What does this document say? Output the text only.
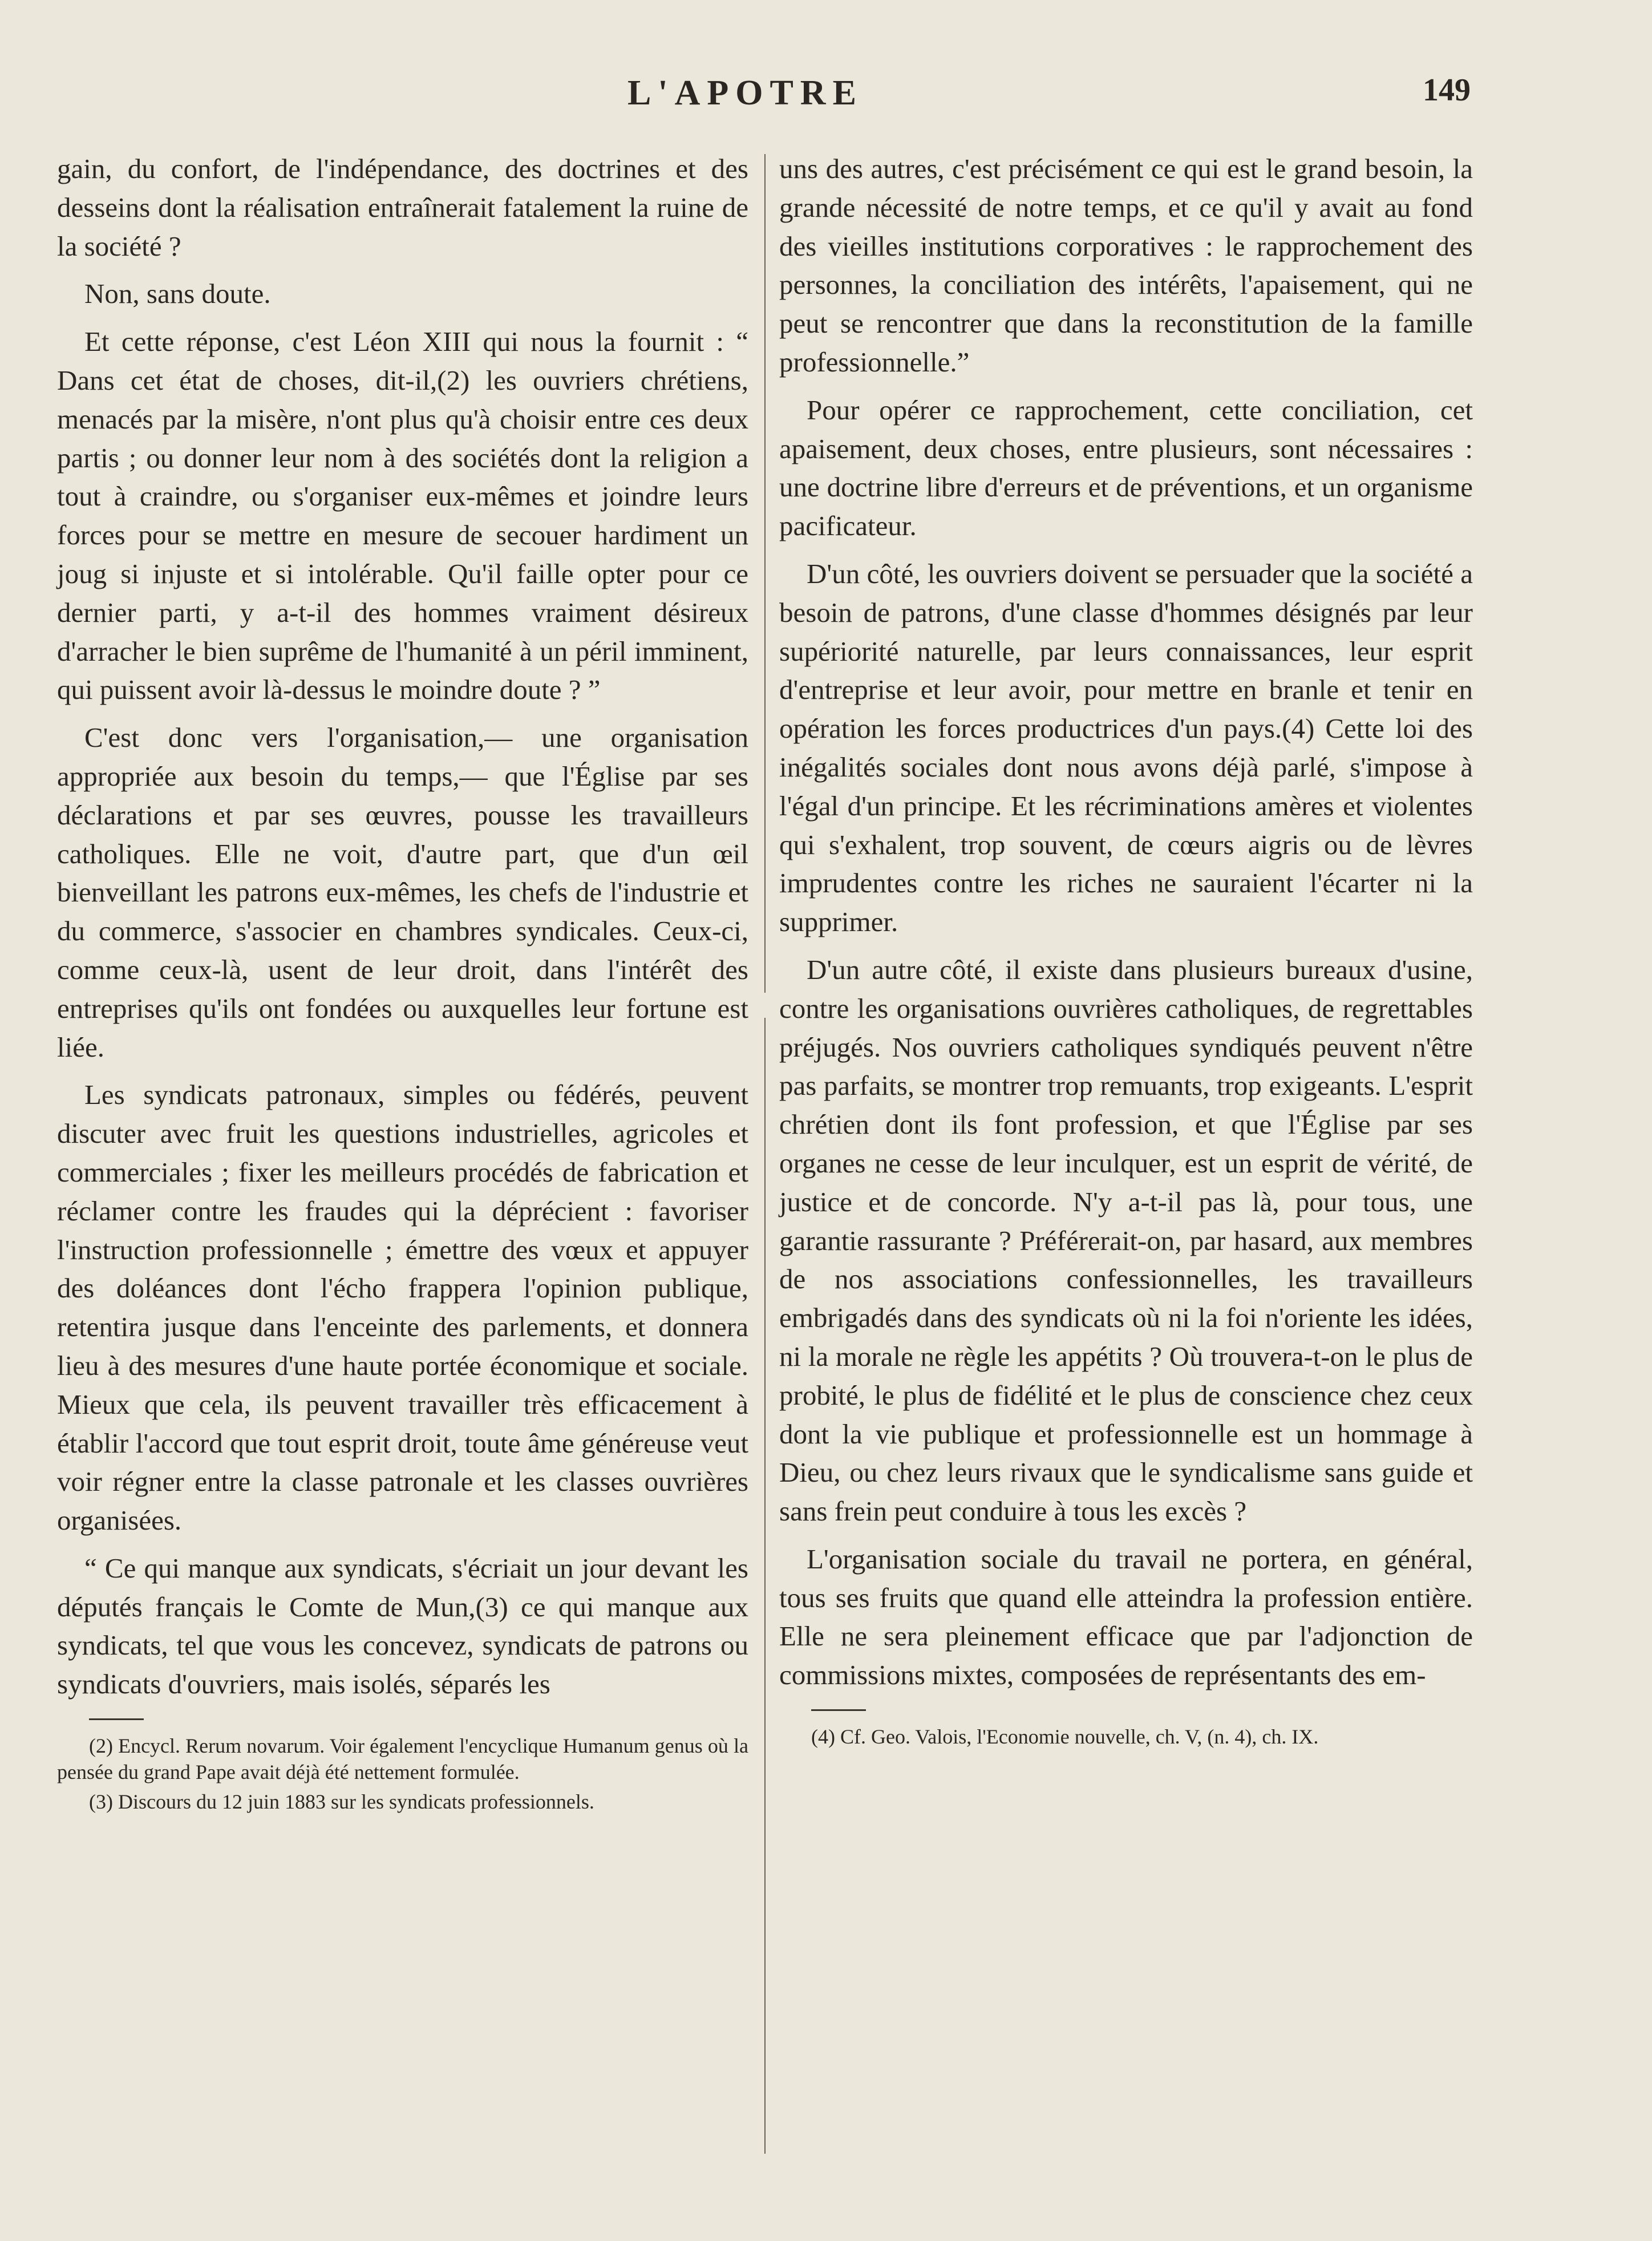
L'APOTRE	149

gain, du confort, de l'indépendance, des doctrines et des desseins dont la réalisation entraînerait fatalement la ruine de la société ?

Non, sans doute.

Et cette réponse, c'est Léon XIII qui nous la fournit : “ Dans cet état de choses, dit-il,(2) les ouvriers chrétiens, menacés par la misère, n'ont plus qu'à choisir entre ces deux partis ; ou donner leur nom à des sociétés dont la religion a tout à craindre, ou s'organiser eux-mêmes et joindre leurs forces pour se mettre en mesure de secouer hardiment un joug si injuste et si intolérable. Qu'il faille opter pour ce dernier parti, y a-t-il des hommes vraiment désireux d'arracher le bien suprême de l'humanité à un péril imminent, qui puissent avoir là-dessus le moindre doute ? ”

C'est donc vers l'organisation,— une organisation appropriée aux besoin du temps,— que l'Église par ses déclarations et par ses œuvres, pousse les travailleurs catholiques. Elle ne voit, d'autre part, que d'un œil bienveillant les patrons eux-mêmes, les chefs de l'industrie et du commerce, s'associer en chambres syndicales. Ceux-ci, comme ceux-là, usent de leur droit, dans l'intérêt des entreprises qu'ils ont fondées ou auxquelles leur fortune est liée.

Les syndicats patronaux, simples ou fédérés, peuvent discuter avec fruit les questions industrielles, agricoles et commerciales ; fixer les meilleurs procédés de fabrication et réclamer contre les fraudes qui la déprécient : favoriser l'instruction professionnelle ; émettre des vœux et appuyer des doléances dont l'écho frappera l'opinion publique, retentira jusque dans l'enceinte des parlements, et donnera lieu à des mesures d'une haute portée économique et sociale. Mieux que cela, ils peuvent travailler très efficacement à établir l'accord que tout esprit droit, toute âme généreuse veut voir régner entre la classe patronale et les classes ouvrières organisées.

“ Ce qui manque aux syndicats, s'écriait un jour devant les députés français le Comte de Mun,(3) ce qui manque aux syndicats, tel que vous les concevez, syndicats de patrons ou syndicats d'ouvriers, mais isolés, séparés les

(2) Encycl. Rerum novarum. Voir également l'encyclique Humanum genus où la pensée du grand Pape avait déjà été nettement formulée.

(3) Discours du 12 juin 1883 sur les syndicats professionnels.

uns des autres, c'est précisément ce qui est le grand besoin, la grande nécessité de notre temps, et ce qu'il y avait au fond des vieilles institutions corporatives : le rapprochement des personnes, la conciliation des intérêts, l'apaisement, qui ne peut se rencontrer que dans la reconstitution de la famille professionnelle.”

Pour opérer ce rapprochement, cette conciliation, cet apaisement, deux choses, entre plusieurs, sont nécessaires : une doctrine libre d'erreurs et de préventions, et un organisme pacificateur.

D'un côté, les ouvriers doivent se persuader que la société a besoin de patrons, d'une classe d'hommes désignés par leur supériorité naturelle, par leurs connaissances, leur esprit d'entreprise et leur avoir, pour mettre en branle et tenir en opération les forces productrices d'un pays.(4) Cette loi des inégalités sociales dont nous avons déjà parlé, s'impose à l'égal d'un principe. Et les récriminations amères et violentes qui s'exhalent, trop souvent, de cœurs aigris ou de lèvres imprudentes contre les riches ne sauraient l'écarter ni la supprimer.

D'un autre côté, il existe dans plusieurs bureaux d'usine, contre les organisations ouvrières catholiques, de regrettables préjugés. Nos ouvriers catholiques syndiqués peuvent n'être pas parfaits, se montrer trop remuants, trop exigeants. L'esprit chrétien dont ils font profession, et que l'Église par ses organes ne cesse de leur inculquer, est un esprit de vérité, de justice et de concorde. N'y a-t-il pas là, pour tous, une garantie rassurante ? Préférerait-on, par hasard, aux membres de nos associations confessionnelles, les travailleurs embrigadés dans des syndicats où ni la foi n'oriente les idées, ni la morale ne règle les appétits ? Où trouvera-t-on le plus de probité, le plus de fidélité et le plus de conscience chez ceux dont la vie publique et professionnelle est un hommage à Dieu, ou chez leurs rivaux que le syndicalisme sans guide et sans frein peut conduire à tous les excès ?

L'organisation sociale du travail ne portera, en général, tous ses fruits que quand elle atteindra la profession entière. Elle ne sera pleinement efficace que par l'adjonction de commissions mixtes, composées de représentants des em-

(4) Cf. Geo. Valois, l'Economie nouvelle, ch. V, (n. 4), ch. IX.
